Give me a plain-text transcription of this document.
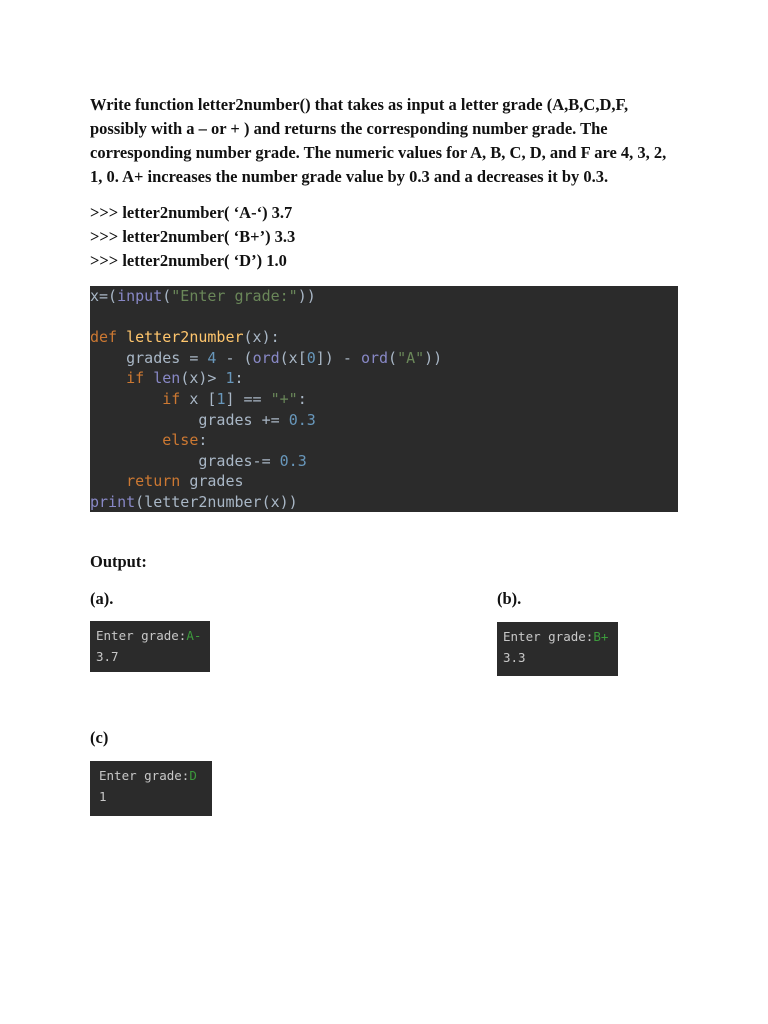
Write function letter2number() that takes as input a letter grade (A,B,C,D,F,
possibly with a – or + ) and returns the corresponding number grade. The
corresponding number grade. The numeric values for A, B, C, D, and F are 4, 3, 2,
1, 0. A+ increases the number grade value by 0.3 and a decreases it by 0.3.
>>> letter2number( ‘A-‘) 3.7
>>> letter2number( ‘B+’) 3.3
>>> letter2number( ‘D’) 1.0
x=(input("Enter grade:"))

def letter2number(x):
grades = 4 - (ord(x[0]) - ord("A"))
if len(x)> 1:
if x [1] == "+":
grades += 0.3
else:
grades-= 0.3
return grades
print(letter2number(x))
Output:
(a).
Enter grade:A-
3.7
(b).
Enter grade:B+
3.3
(c)
Enter grade:D
1
